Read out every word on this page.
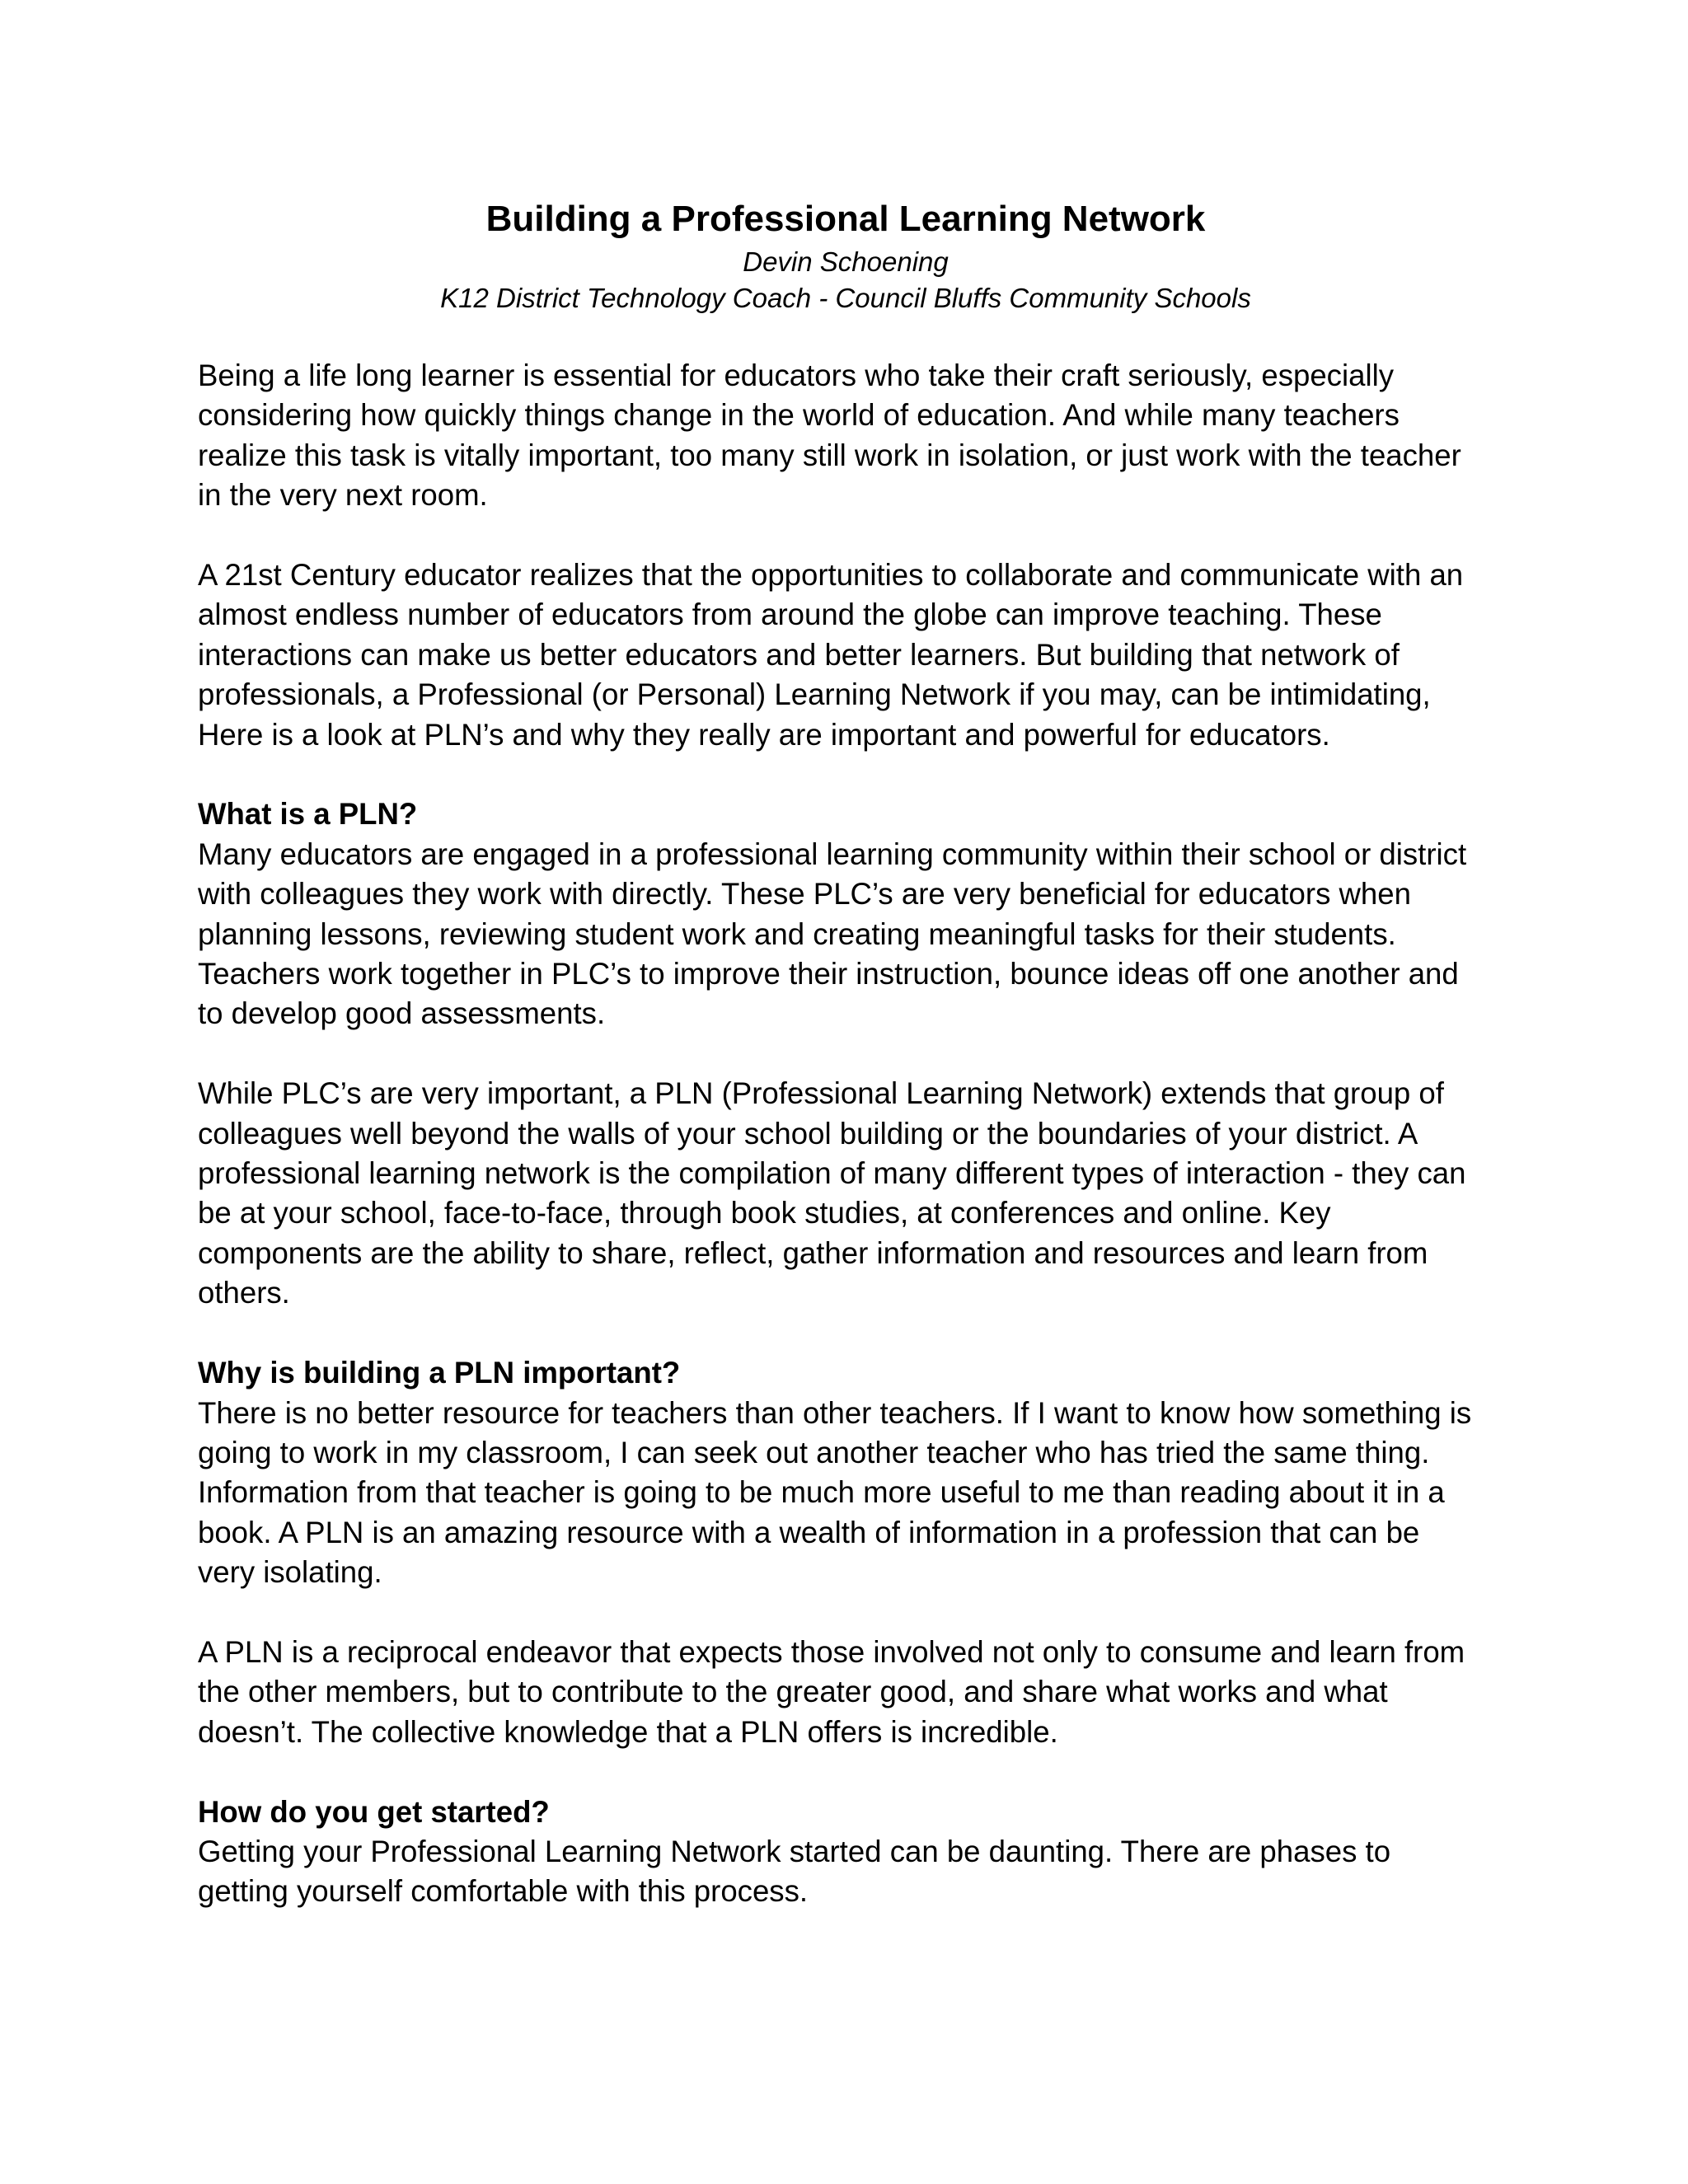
Building a Professional Learning Network
Devin Schoening
K12 District Technology Coach - Council Bluffs Community Schools

Being a life long learner is essential for educators who take their craft seriously, especially
considering how quickly things change in the world of education. And while many teachers
realize this task is vitally important, too many still work in isolation, or just work with the teacher
in the very next room.

A 21st Century educator realizes that the opportunities to collaborate and communicate with an
almost endless number of educators from around the globe can improve teaching. These
interactions can make us better educators and better learners. But building that network of
professionals, a Professional (or Personal) Learning Network if you may, can be intimidating,
Here is a look at PLN’s and why they really are important and powerful for educators.

What is a PLN?

Many educators are engaged in a professional learning community within their school or district
with colleagues they work with directly. These PLC’s are very beneficial for educators when
planning lessons, reviewing student work and creating meaningful tasks for their students.
Teachers work together in PLC’s to improve their instruction, bounce ideas off one another and
to develop good assessments.

While PLC’s are very important, a PLN (Professional Learning Network) extends that group of
colleagues well beyond the walls of your school building or the boundaries of your district. A
professional learning network is the compilation of many different types of interaction - they can
be at your school, face-to-face, through book studies, at conferences and online. Key
components are the ability to share, reflect, gather information and resources and learn from
others.

Why is building a PLN important?

There is no better resource for teachers than other teachers. If I want to know how something is
going to work in my classroom, I can seek out another teacher who has tried the same thing.
Information from that teacher is going to be much more useful to me than reading about it in a
book. A PLN is an amazing resource with a wealth of information in a profession that can be
very isolating.

A PLN is a reciprocal endeavor that expects those involved not only to consume and learn from
the other members, but to contribute to the greater good, and share what works and what
doesn’t. The collective knowledge that a PLN offers is incredible.

How do you get started?

Getting your Professional Learning Network started can be daunting. There are phases to
getting yourself comfortable with this process.
